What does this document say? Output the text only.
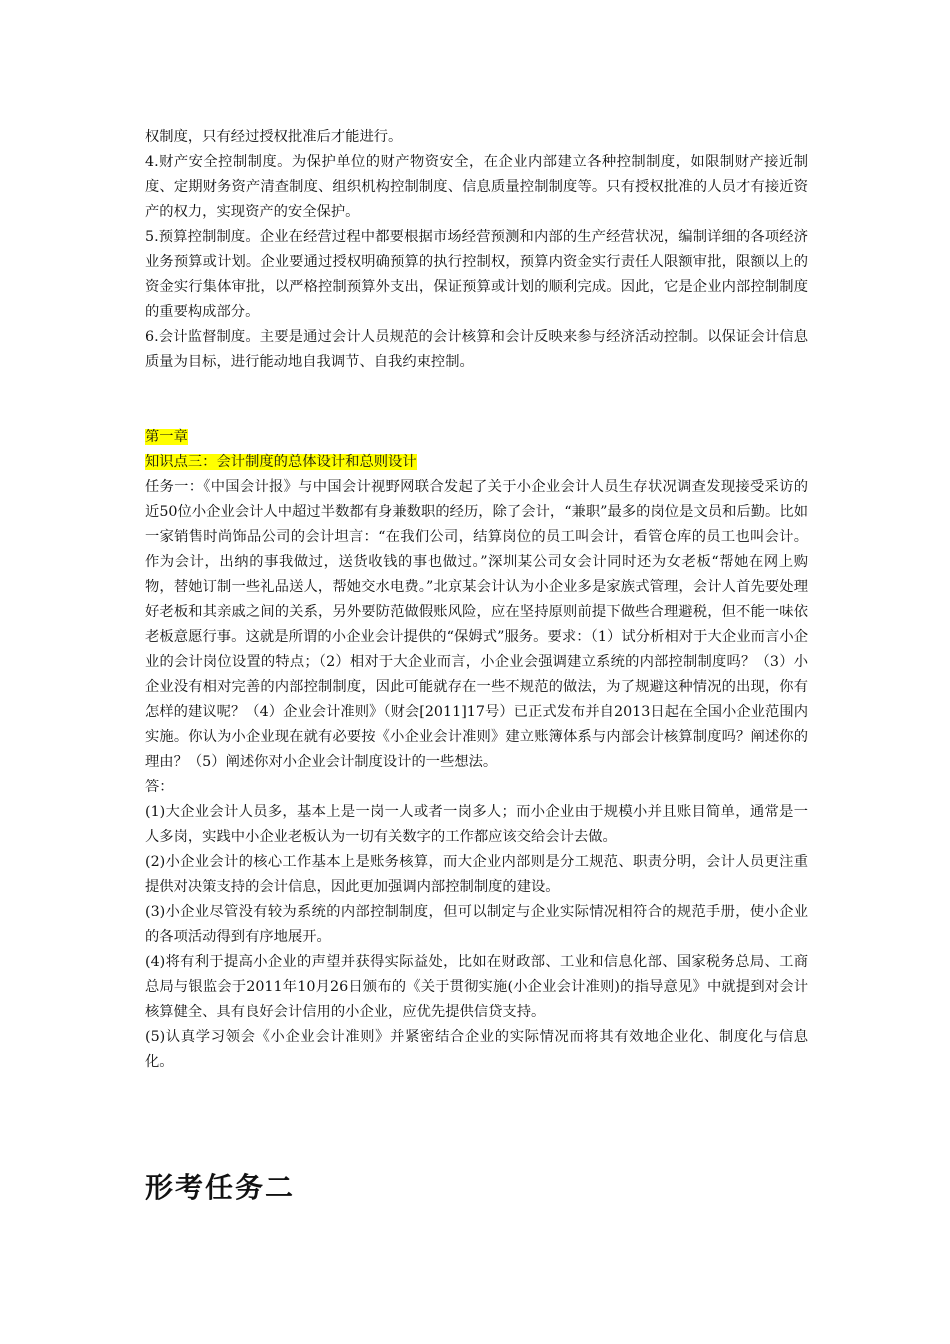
权制度，只有经过授权批准后才能进行。

4.财产安全控制制度。为保护单位的财产物资安全，在企业内部建立各种控制制度，如限制财产接近制度、定期财务资产清查制度、组织机构控制制度、信息质量控制制度等。只有授权批准的人员才有接近资产的权力，实现资产的安全保护。

5.预算控制制度。企业在经营过程中都要根据市场经营预测和内部的生产经营状况，编制详细的各项经济业务预算或计划。企业要通过授权明确预算的执行控制权，预算内资金实行责任人限额审批，限额以上的资金实行集体审批，以严格控制预算外支出，保证预算或计划的顺利完成。因此，它是企业内部控制制度的重要构成部分。

6.会计监督制度。主要是通过会计人员规范的会计核算和会计反映来参与经济活动控制。以保证会计信息质量为目标，进行能动地自我调节、自我约束控制。

第一章

知识点三：会计制度的总体设计和总则设计

任务一：《中国会计报》与中国会计视野网联合发起了关于小企业会计人员生存状况调查发现接受采访的近50位小企业会计人中超过半数都有身兼数职的经历，除了会计，“兼职”最多的岗位是文员和后勤。比如一家销售时尚饰品公司的会计坦言：“在我们公司，结算岗位的员工叫会计，看管仓库的员工也叫会计。作为会计，出纳的事我做过，送货收钱的事也做过。”深圳某公司女会计同时还为女老板“帮她在网上购物，替她订制一些礼品送人，帮她交水电费。”北京某会计认为小企业多是家族式管理，会计人首先要处理好老板和其亲戚之间的关系，另外要防范做假账风险，应在坚持原则前提下做些合理避税，但不能一味依老板意愿行事。这就是所谓的小企业会计提供的“保姆式”服务。要求：（1）试分析相对于大企业而言小企业的会计岗位设置的特点；（2）相对于大企业而言，小企业会强调建立系统的内部控制制度吗？（3）小企业没有相对完善的内部控制制度，因此可能就存在一些不规范的做法，为了规避这种情况的出现，你有怎样的建议呢？（4）企业会计准则》（财会[2011]17号）已正式发布并自2013日起在全国小企业范围内实施。你认为小企业现在就有必要按《小企业会计准则》建立账簿体系与内部会计核算制度吗？阐述你的理由？（5）阐述你对小企业会计制度设计的一些想法。

答：

(1)大企业会计人员多，基本上是一岗一人或者一岗多人；而小企业由于规模小并且账目简单，通常是一人多岗，实践中小企业老板认为一切有关数字的工作都应该交给会计去做。

(2)小企业会计的核心工作基本上是账务核算，而大企业内部则是分工规范、职责分明，会计人员更注重提供对决策支持的会计信息，因此更加强调内部控制制度的建设。

(3)小企业尽管没有较为系统的内部控制制度，但可以制定与企业实际情况相符合的规范手册，使小企业的各项活动得到有序地展开。

(4)将有利于提高小企业的声望并获得实际益处，比如在财政部、工业和信息化部、国家税务总局、工商总局与银监会于2011年10月26日颁布的《关于贯彻实施(小企业会计准则)的指导意见》中就提到对会计核算健全、具有良好会计信用的小企业，应优先提供信贷支持。

(5)认真学习领会《小企业会计准则》并紧密结合企业的实际情况而将其有效地企业化、制度化与信息化。

形考任务二
